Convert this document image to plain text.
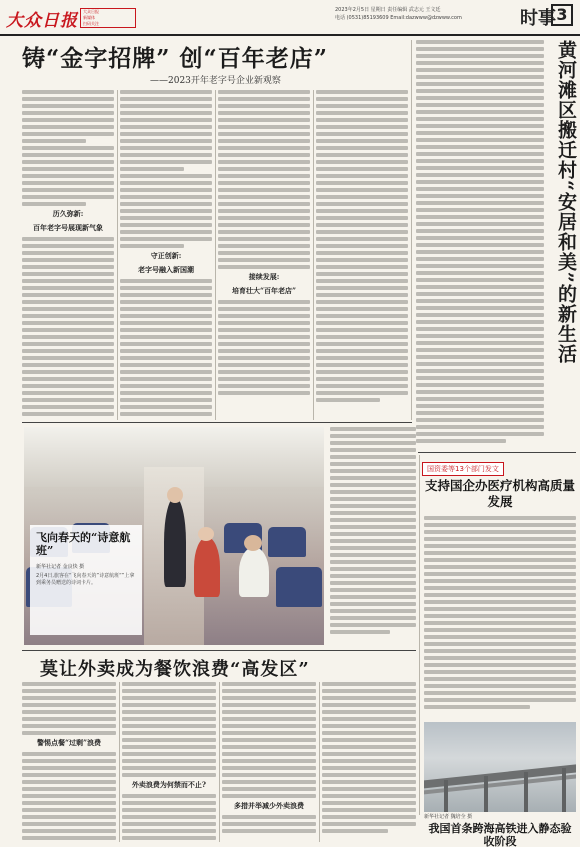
大众日报	大众日报
新媒体
扫码关注
2023年2月5日 星期日 责任编辑 武志元 王文廷
电话 (0531)85193609 Email:dazwww@dzwww.com	时事 3
铸“金字招牌” 创“百年老店”
——2023开年老字号企业新观察
历久弥新:
百年老字号展现新气象
守正创新:
老字号融入新国潮
接续发展:
培育壮大“百年老店”	黄河滩区搬迁村“安居和美”的新生活
飞向春天的“诗意航班”
新华社记者 金良快 摄
2月4日,旅客在“飞向春天的”诗意航班“”上拿到乘务员赠送的诗词卡片。
国资委等13个部门发文
支持国企办医疗机构高质量发展
莫让外卖成为餐饮浪费“高发区”
警惕点餐“过剩”浪费
外卖浪费为何禁而不止?
多措并举减少外卖浪费
新华社记者 魏培全 摄
我国首条跨海高铁进入静态验收阶段
